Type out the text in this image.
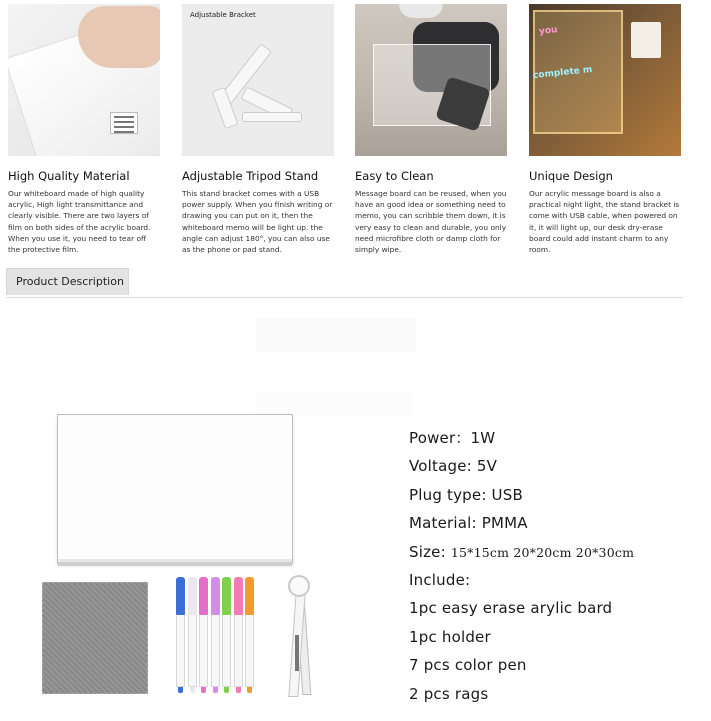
High Quality Material

Our whiteboard made of high quality acrylic, High light transmittance and clearly visible. There are two layers of film on both sides of the acrylic board. When you use it, you need to tear off the protective film.

Adjustable Bracket
Adjustable Tripod Stand

This stand bracket comes with a USB power supply. When you finish writing or drawing you can put on it, then the whiteboard memo will be light up. the angle can adjust 180°, you can also use as the phone or pad stand.

Easy to Clean

Message board can be reused, when you have an good idea or something need to memo, you can scribble them down, it is very easy to clean and durable, you only need microfibre cloth or damp cloth for simply wipe.

you
complete m
Unique Design

Our acrylic message board is also a practical night light, the stand bracket is come with USB cable, when powered on it, it will light up, our desk dry-erase board could add instant charm to any room.

Product Description
Power：1W
Voltage: 5V
Plug type: USB
Material: PMMA
Size: 15*15cm 20*20cm 20*30cm
Include:
1pc easy erase arylic bard
1pc holder
7 pcs color pen
2 pcs rags
